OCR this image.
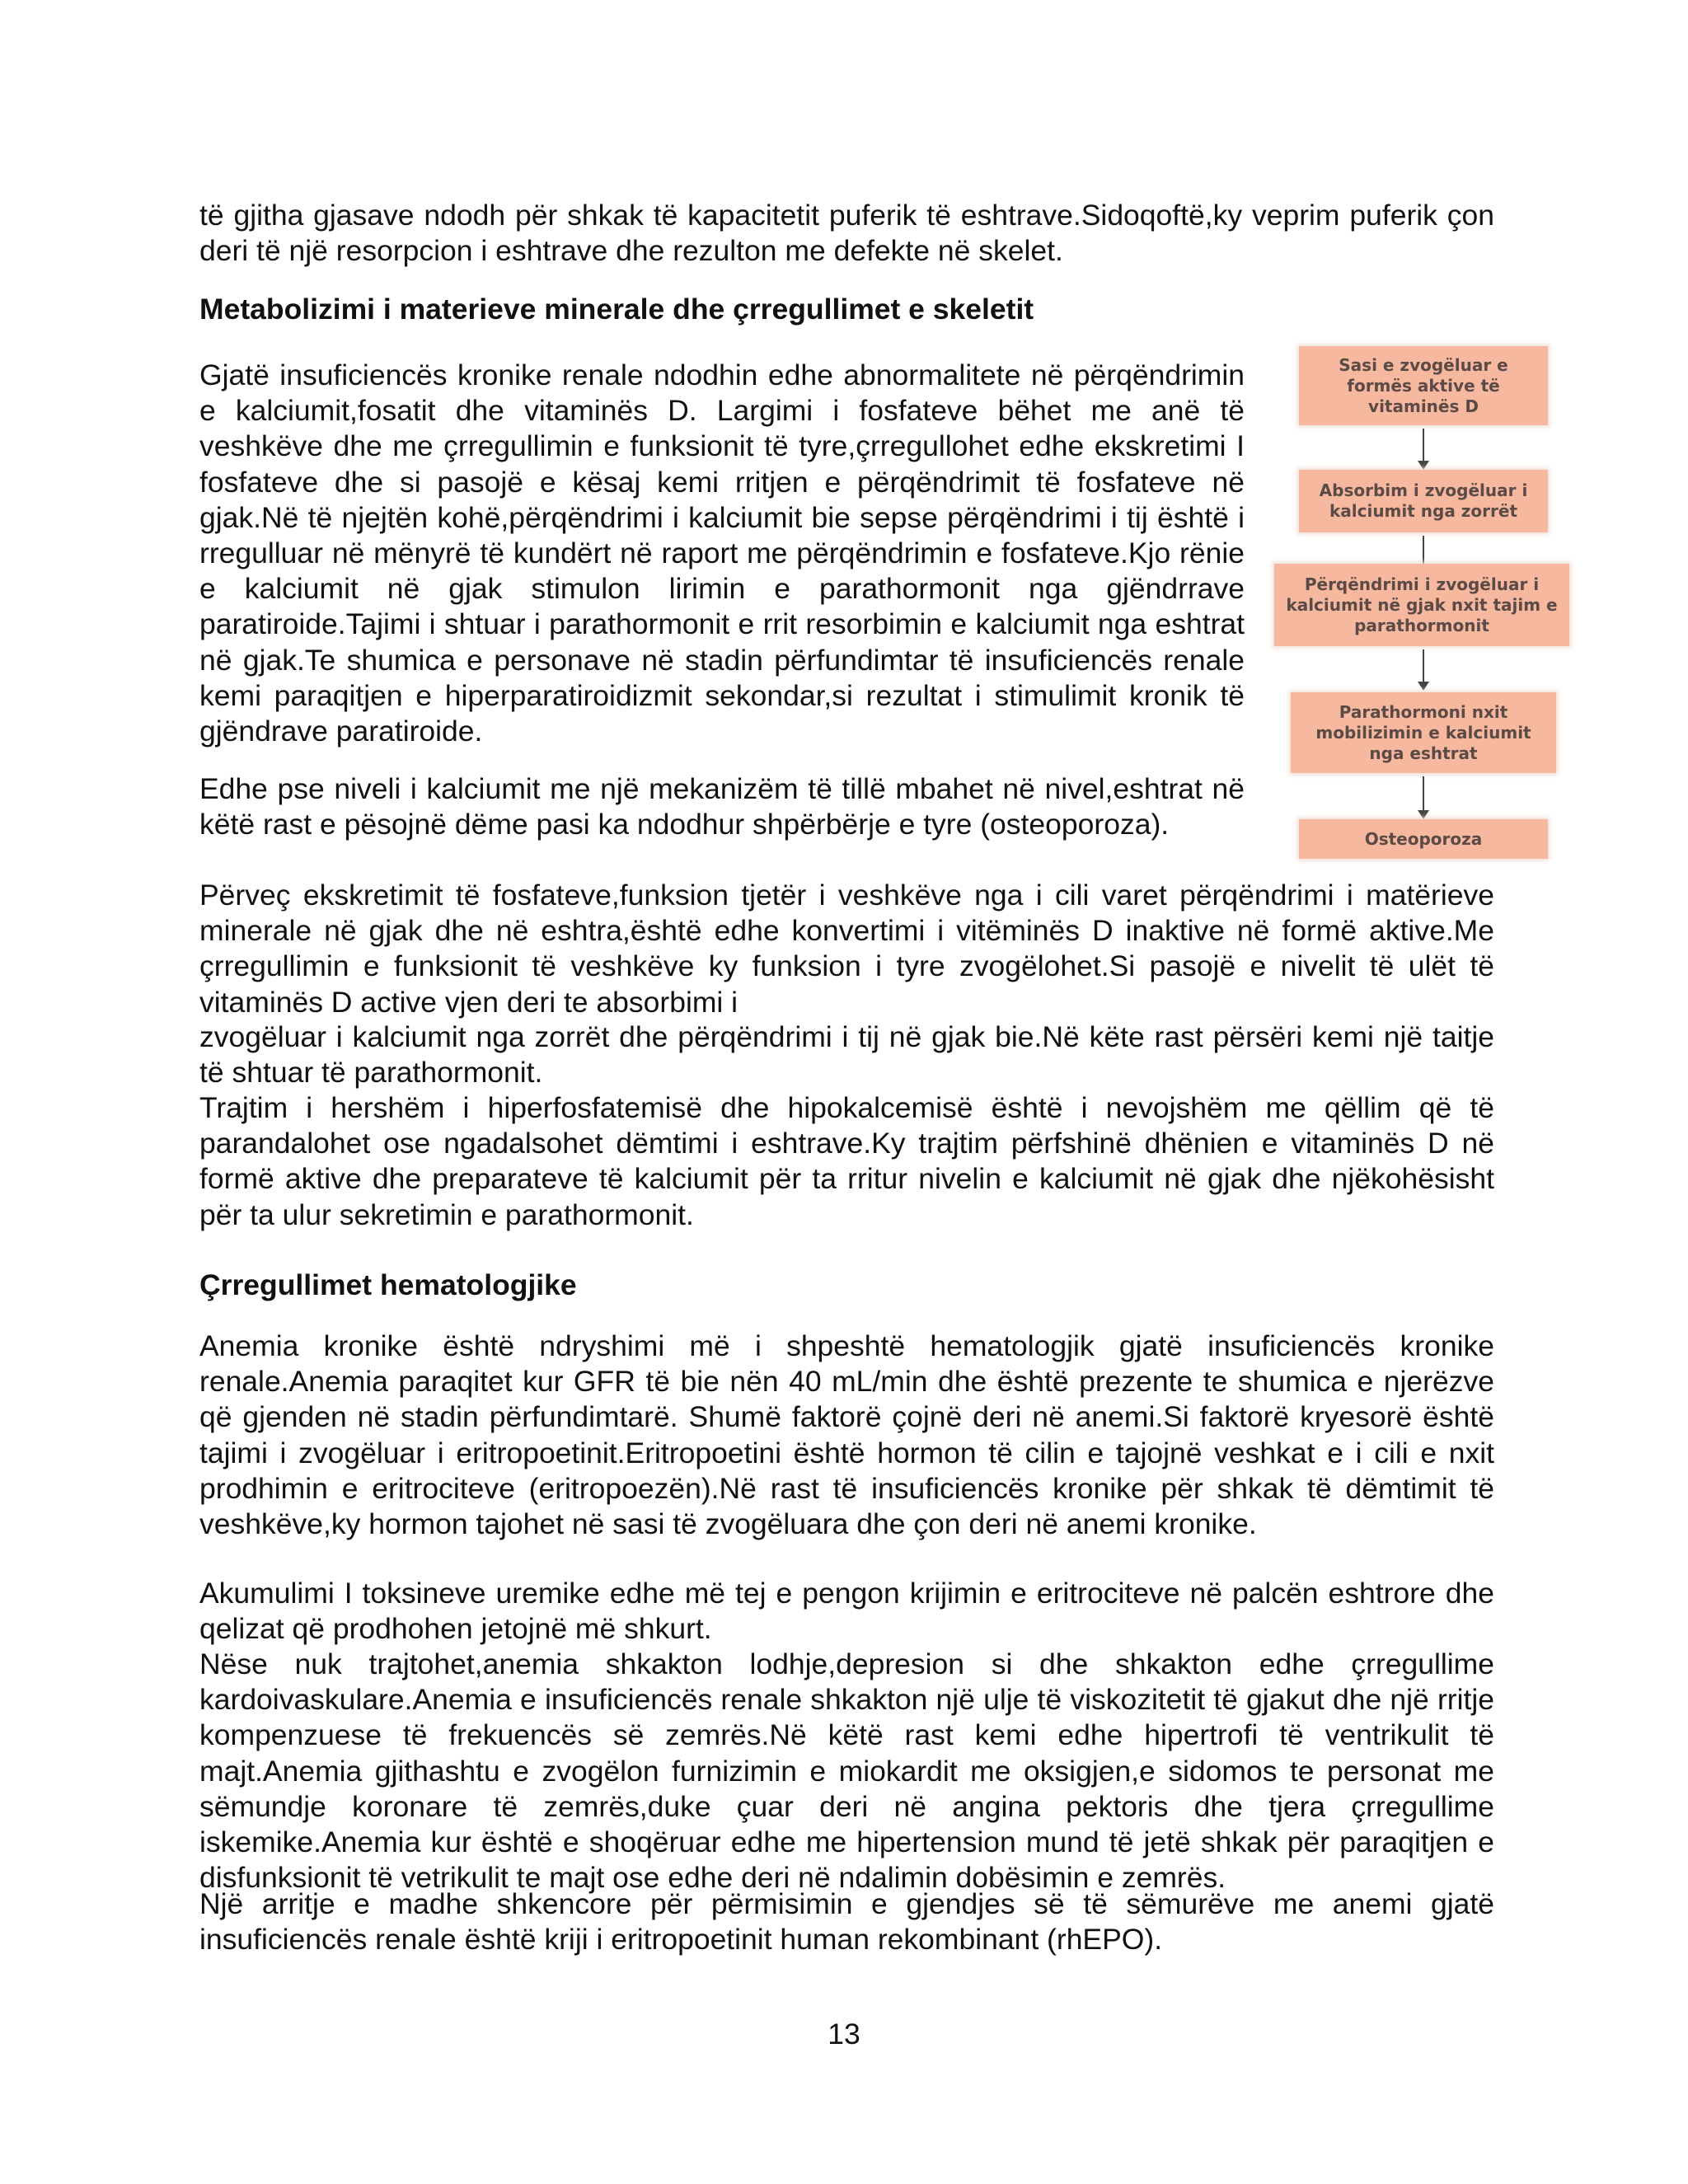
të gjitha gjasave ndodh për shkak të kapacitetit puferik të eshtrave.Sidoqoftë,ky veprim puferik çon deri të një resorpcion i eshtrave dhe rezulton me defekte në skelet.

Metabolizimi i materieve minerale dhe çrregullimet e skeletit

Gjatë insuficiencës kronike renale ndodhin edhe abnormalitete në përqëndrimin e kalciumit,fosatit dhe vitaminës D. Largimi i fosfateve bëhet me anë të veshkëve dhe me çrregullimin e funksionit të tyre,çrregullohet edhe ekskretimi I fosfateve dhe si pasojë e kësaj kemi rritjen e përqëndrimit të fosfateve në gjak.Në të njejtën kohë,përqëndrimi i kalciumit bie sepse përqëndrimi i tij është i rregulluar në mënyrë të kundërt në raport me përqëndrimin e fosfateve.Kjo rënie e kalciumit në gjak stimulon lirimin e parathormonit nga gjëndrrave paratiroide.Tajimi i shtuar i parathormonit e rrit resorbimin e kalciumit nga eshtrat në gjak.Te shumica e personave në stadin përfundimtar të insuficiencës renale kemi paraqitjen e hiperparatiroidizmit sekondar,si rezultat i stimulimit kronik të gjëndrave paratiroide.

Edhe pse niveli i kalciumit me një mekanizëm të tillë mbahet në nivel,eshtrat në këtë rast e pësojnë dëme pasi ka ndodhur shpërbërje e tyre (osteoporoza).

Përveç ekskretimit të fosfateve,funksion tjetër i veshkëve nga i cili varet përqëndrimi i matërieve minerale në gjak dhe në eshtra,është edhe konvertimi i vitëminës D inaktive në formë aktive.Me çrregullimin e funksionit të veshkëve ky funksion i tyre zvogëlohet.Si pasojë e nivelit të ulët të vitaminës D active vjen deri te absorbimi i

zvogëluar i kalciumit nga zorrët dhe përqëndrimi i tij në gjak bie.Në këte rast përsëri kemi një taitje të shtuar të parathormonit.

Trajtim i hershëm i hiperfosfatemisë dhe hipokalcemisë është i nevojshëm me qëllim që të parandalohet ose ngadalsohet dëmtimi i eshtrave.Ky trajtim përfshinë dhënien e vitaminës D në formë aktive dhe preparateve të kalciumit për ta rritur nivelin e kalciumit në gjak dhe njëkohësisht për ta ulur sekretimin e parathormonit.

Çrregullimet hematologjike

Anemia kronike është ndryshimi më i shpeshtë hematologjik gjatë insuficiencës kronike renale.Anemia paraqitet kur GFR të bie nën 40 mL/min dhe është prezente te shumica e njerëzve që gjenden në stadin përfundimtarë. Shumë faktorë çojnë deri në anemi.Si faktorë kryesorë është tajimi i zvogëluar i eritropoetinit.Eritropoetini është hormon të cilin e tajojnë veshkat e i cili e nxit prodhimin e eritrociteve (eritropoezën).Në rast të insuficiencës kronike për shkak të dëmtimit të veshkëve,ky hormon tajohet në sasi të zvogëluara dhe çon deri në anemi kronike.

Akumulimi I toksineve uremike edhe më tej e pengon krijimin e eritrociteve në palcën eshtrore dhe qelizat që prodhohen jetojnë më shkurt.

Nëse nuk trajtohet,anemia shkakton lodhje,depresion si dhe shkakton edhe çrregullime kardoivaskulare.Anemia e insuficiencës renale shkakton një ulje të viskozitetit të gjakut dhe një rritje kompenzuese të frekuencës së zemrës.Në këtë rast kemi edhe hipertrofi të ventrikulit të majt.Anemia gjithashtu e zvogëlon furnizimin e miokardit me oksigjen,e sidomos te personat me sëmundje koronare të zemrës,duke çuar deri në angina pektoris dhe tjera çrregullime iskemike.Anemia kur është e shoqëruar edhe me hipertension mund të jetë shkak për paraqitjen e disfunksionit të vetrikulit te majt ose edhe deri në ndalimin dobësimin e zemrës.

Një arritje e madhe shkencore për përmisimin e gjendjes së të sëmurëve me anemi gjatë insuficiencës renale është kriji i eritropoetinit human rekombinant (rhEPO).

Sasi e zvogëluar e formës aktive të vitaminës D
Absorbim i zvogëluar i kalciumit nga zorrët
Përqëndrimi i zvogëluar i kalciumit në gjak nxit tajim e parathormonit
Parathormoni nxit mobilizimin e kalciumit nga eshtrat
Osteoporoza
13
